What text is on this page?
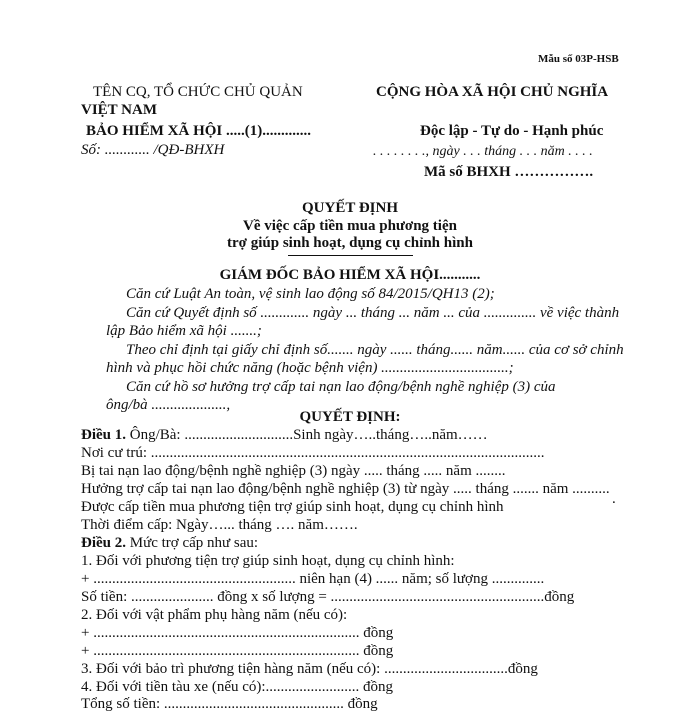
Mẫu số 03P-HSB
TÊN CQ, TỔ CHỨC CHỦ QUẢN
VIỆT NAM
BẢO HIỂM XÃ HỘI .....(1).............
Số: ............ /QĐ-BHXH
CỘNG HÒA XÃ HỘI CHỦ NGHĨA
Độc lập - Tự do - Hạnh phúc
. . . . . . . ., ngày . . . tháng . . . năm . . . .
Mã số BHXH …………….
QUYẾT ĐỊNH
Về việc cấp tiền mua phương tiện
trợ giúp sinh hoạt, dụng cụ chỉnh hình
GIÁM ĐỐC BẢO HIỂM XÃ HỘI...........
Căn cứ Luật An toàn, vệ sinh lao động số 84/2015/QH13 (2);
Căn cứ Quyết định số ............. ngày ... tháng ... năm ... của .............. về việc thành
lập Bảo hiểm xã hội .......;
Theo chỉ định tại giấy chỉ định số....... ngày ...... tháng...... năm...... của cơ sở chỉnh
hình và phục hồi chức năng (hoặc bệnh viện) ..................................;
Căn cứ hồ sơ hưởng trợ cấp tai nạn lao động/bệnh nghề nghiệp (3) của
ông/bà ....................,
QUYẾT ĐỊNH:
Điều 1. Ông/Bà: .............................Sinh ngày…..tháng…..năm……
Nơi cư trú: .........................................................................................................
Bị tai nạn lao động/bệnh nghề nghiệp (3) ngày ..... tháng ..... năm ........
Hưởng trợ cấp tai nạn lao động/bệnh nghề nghiệp (3) từ ngày ..... tháng ....... năm ..........
Được cấp tiền mua phương tiện trợ giúp sinh hoạt, dụng cụ chỉnh hình
Thời điểm cấp: Ngày…... tháng …. năm…….
.
Điều 2. Mức trợ cấp như sau:
1. Đối với phương tiện trợ giúp sinh hoạt, dụng cụ chỉnh hình:
+ ...................................................... niên hạn (4) ...... năm; số lượng ..............
Số tiền: ...................... đồng x số lượng = .........................................................đồng
2. Đối với vật phẩm phụ hàng năm (nếu có):
+ ....................................................................... đồng
+ ....................................................................... đồng
3. Đối với bảo trì phương tiện hàng năm (nếu có): .................................đồng
4. Đối với tiền tàu xe (nếu có):......................... đồng
Tổng số tiền: ................................................ đồng
